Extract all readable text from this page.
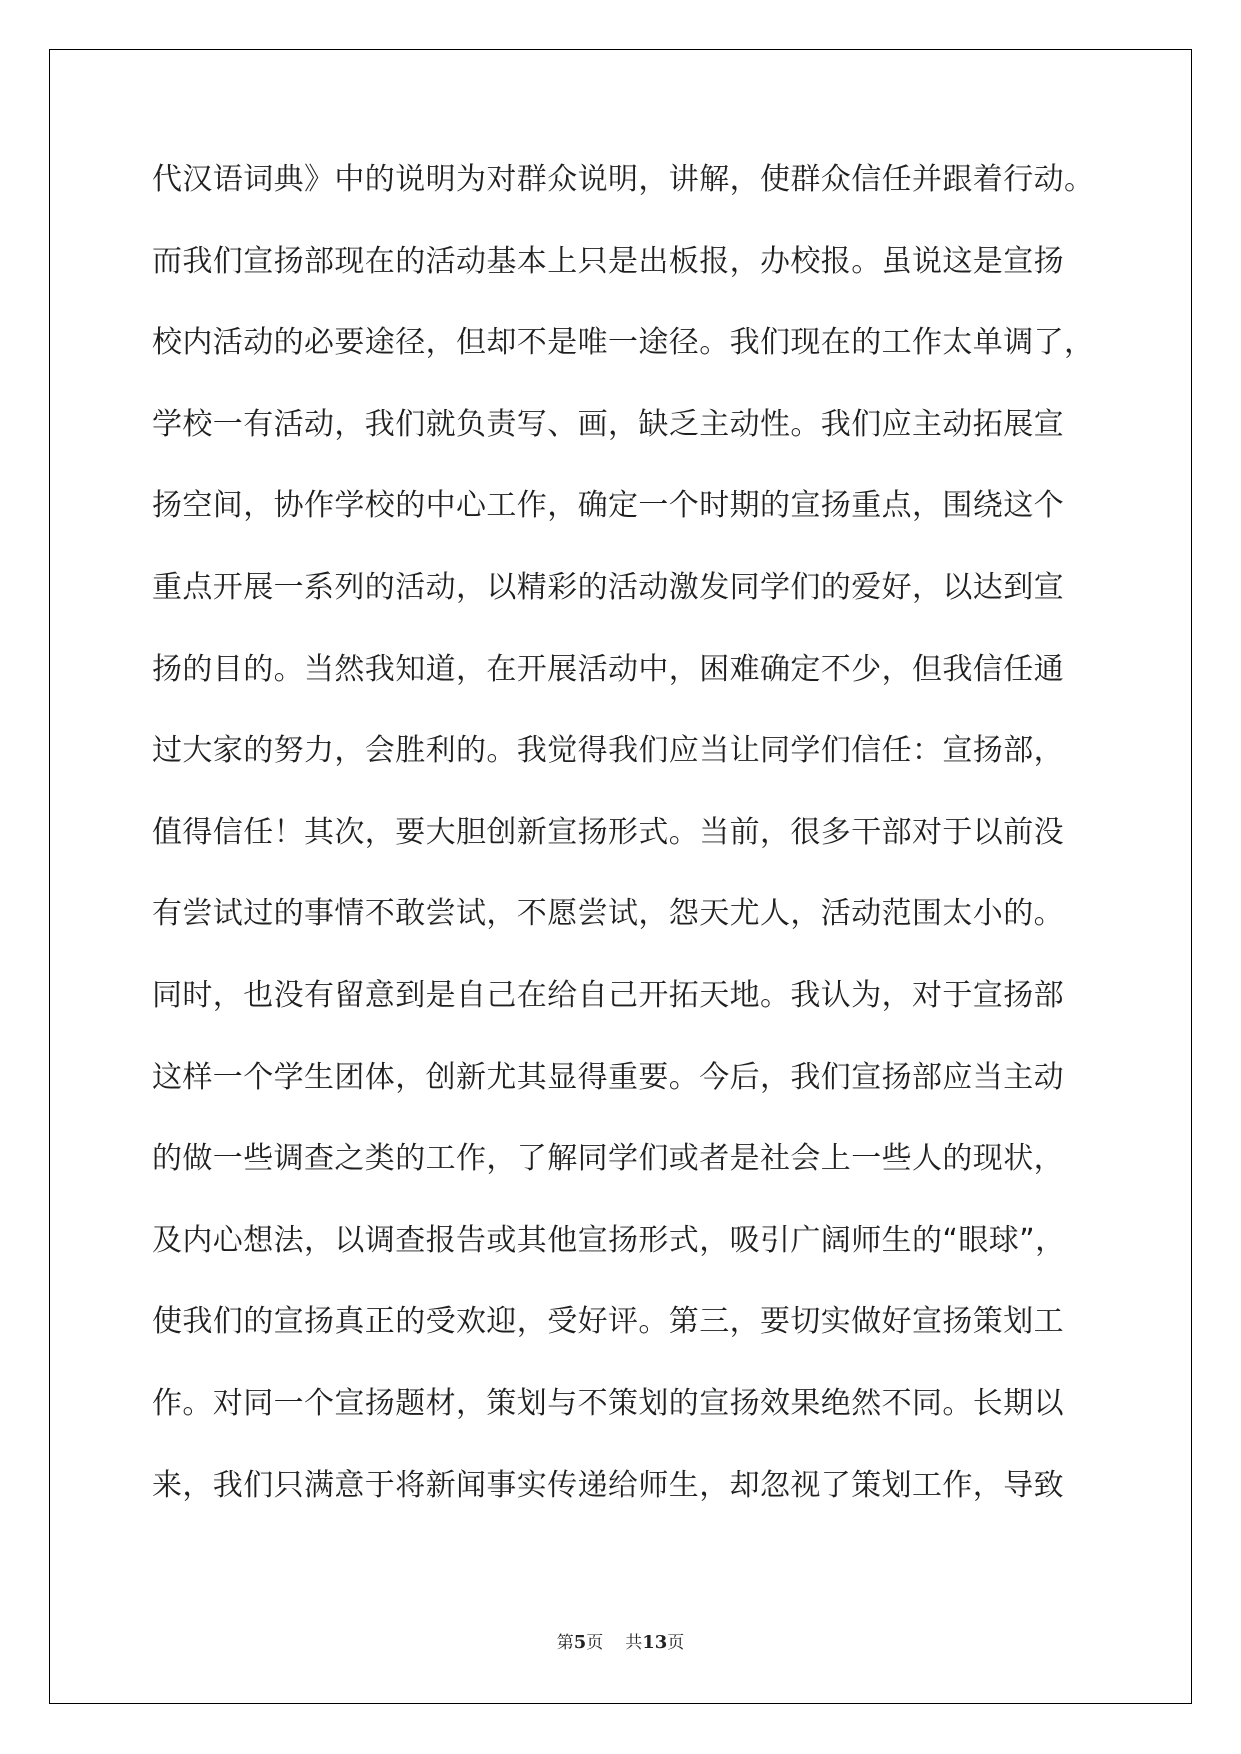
代汉语词典》中的说明为对群众说明，讲解，使群众信任并跟着行动。
而我们宣扬部现在的活动基本上只是出板报，办校报。虽说这是宣扬
校内活动的必要途径，但却不是唯一途径。我们现在的工作太单调了，
学校一有活动，我们就负责写、画，缺乏主动性。我们应主动拓展宣
扬空间，协作学校的中心工作，确定一个时期的宣扬重点，围绕这个
重点开展一系列的活动，以精彩的活动激发同学们的爱好，以达到宣
扬的目的。当然我知道，在开展活动中，困难确定不少，但我信任通
过大家的努力，会胜利的。我觉得我们应当让同学们信任：宣扬部，
值得信任！其次，要大胆创新宣扬形式。当前，很多干部对于以前没
有尝试过的事情不敢尝试，不愿尝试，怨天尤人，活动范围太小的。
同时，也没有留意到是自己在给自己开拓天地。我认为，对于宣扬部
这样一个学生团体，创新尤其显得重要。今后，我们宣扬部应当主动
的做一些调查之类的工作，了解同学们或者是社会上一些人的现状，
及内心想法，以调查报告或其他宣扬形式，吸引广阔师生的“眼球”，
使我们的宣扬真正的受欢迎，受好评。第三，要切实做好宣扬策划工
作。对同一个宣扬题材，策划与不策划的宣扬效果绝然不同。长期以
来，我们只满意于将新闻事实传递给师生，却忽视了策划工作，导致
第5页 共13页
